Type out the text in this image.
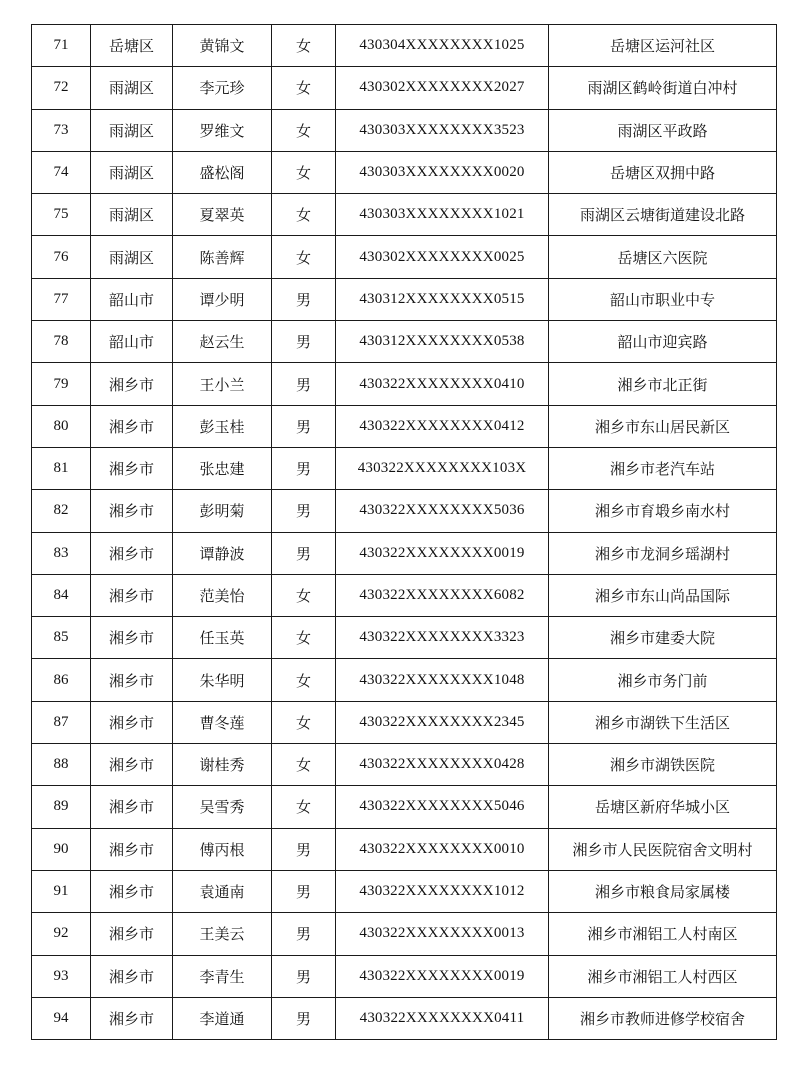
71	岳塘区	黄锦文	女	430304XXXXXXXX1025	岳塘区运河社区
72	雨湖区	李元珍	女	430302XXXXXXXX2027	雨湖区鹤岭街道白冲村
73	雨湖区	罗维文	女	430303XXXXXXXX3523	雨湖区平政路
74	雨湖区	盛松阁	女	430303XXXXXXXX0020	岳塘区双拥中路
75	雨湖区	夏翠英	女	430303XXXXXXXX1021	雨湖区云塘街道建设北路
76	雨湖区	陈善辉	女	430302XXXXXXXX0025	岳塘区六医院
77	韶山市	谭少明	男	430312XXXXXXXX0515	韶山市职业中专
78	韶山市	赵云生	男	430312XXXXXXXX0538	韶山市迎宾路
79	湘乡市	王小兰	男	430322XXXXXXXX0410	湘乡市北正街
80	湘乡市	彭玉桂	男	430322XXXXXXXX0412	湘乡市东山居民新区
81	湘乡市	张忠建	男	430322XXXXXXXX103X	湘乡市老汽车站
82	湘乡市	彭明菊	男	430322XXXXXXXX5036	湘乡市育塅乡南水村
83	湘乡市	谭静波	男	430322XXXXXXXX0019	湘乡市龙洞乡瑶湖村
84	湘乡市	范美怡	女	430322XXXXXXXX6082	湘乡市东山尚品国际
85	湘乡市	任玉英	女	430322XXXXXXXX3323	湘乡市建委大院
86	湘乡市	朱华明	女	430322XXXXXXXX1048	湘乡市务门前
87	湘乡市	曹冬莲	女	430322XXXXXXXX2345	湘乡市湖铁下生活区
88	湘乡市	谢桂秀	女	430322XXXXXXXX0428	湘乡市湖铁医院
89	湘乡市	吴雪秀	女	430322XXXXXXXX5046	岳塘区新府华城小区
90	湘乡市	傅丙根	男	430322XXXXXXXX0010	湘乡市人民医院宿舍文明村
91	湘乡市	袁通南	男	430322XXXXXXXX1012	湘乡市粮食局家属楼
92	湘乡市	王美云	男	430322XXXXXXXX0013	湘乡市湘铝工人村南区
93	湘乡市	李青生	男	430322XXXXXXXX0019	湘乡市湘铝工人村西区
94	湘乡市	李道通	男	430322XXXXXXXX0411	湘乡市教师进修学校宿舍
